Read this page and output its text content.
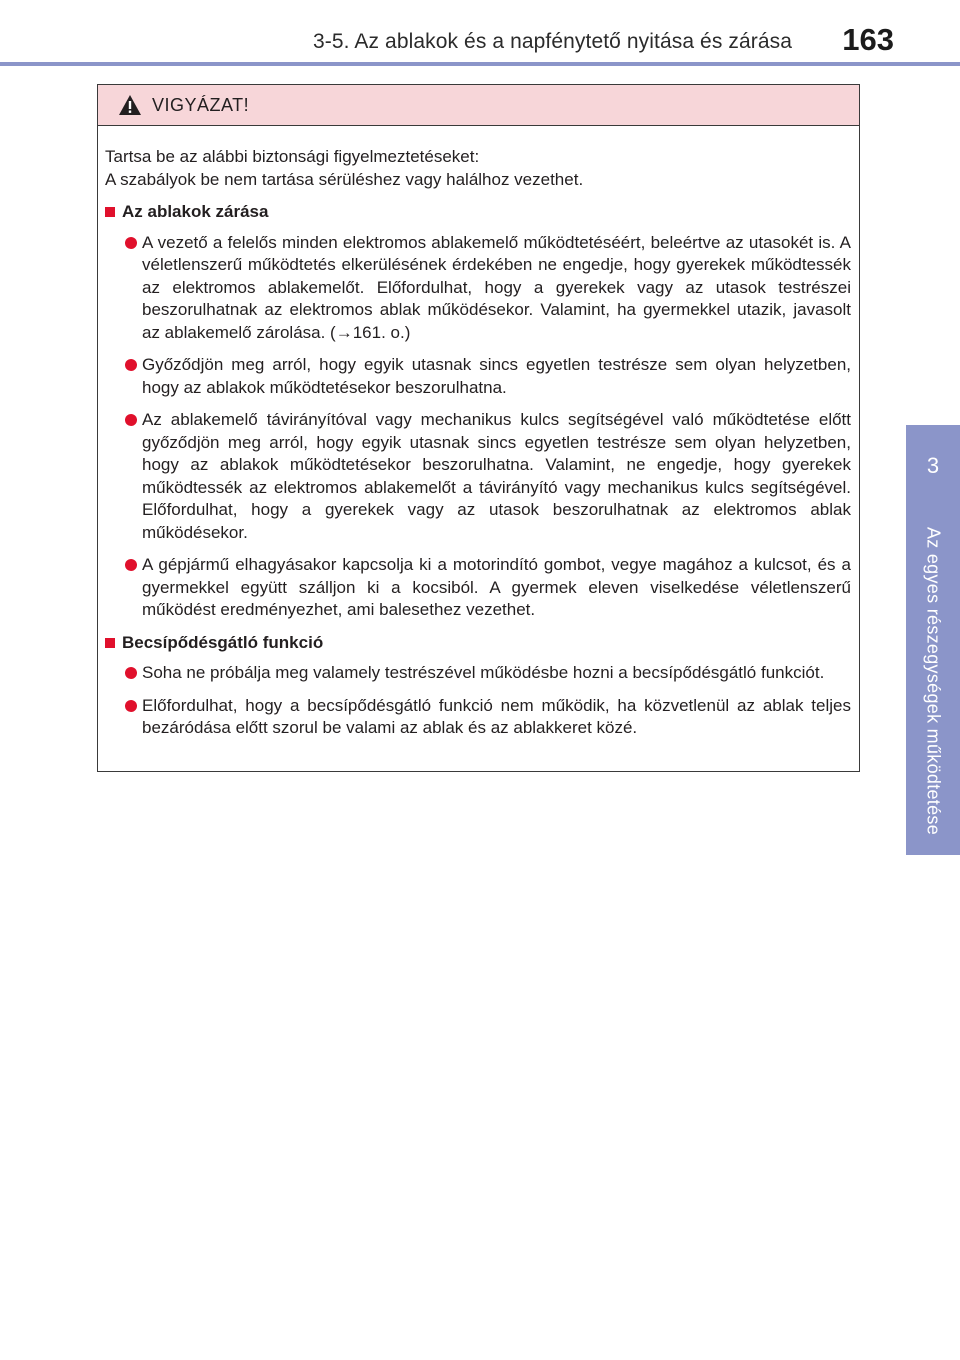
3-5. Az ablakok és a napfénytető nyitása és zárása 163
3
Az egyes részegységek működtetése
VIGYÁZAT!
Tartsa be az alábbi biztonsági figyelmeztetéseket:
A szabályok be nem tartása sérüléshez vagy halálhoz vezethet.
Az ablakok zárása
A vezető a felelős minden elektromos ablakemelő működtetéséért, beleértve az utasokét is. A véletlenszerű működtetés elkerülésének érdekében ne engedje, hogy gyerekek működtessék az elektromos ablakemelőt. Előfordulhat, hogy a gyerekek vagy az utasok testrészei beszorulhatnak az elektromos ablak működésekor. Valamint, ha gyermekkel utazik, javasolt az ablakemelő zárolása. (→161. o.)
Győződjön meg arról, hogy egyik utasnak sincs egyetlen testrésze sem olyan helyzetben, hogy az ablakok működtetésekor beszorulhatna.
Az ablakemelő távirányítóval vagy mechanikus kulcs segítségével való működtetése előtt győződjön meg arról, hogy egyik utasnak sincs egyetlen testrésze sem olyan helyzetben, hogy az ablakok működtetésekor beszorulhatna. Valamint, ne engedje, hogy gyerekek működtessék az elektromos ablakemelőt a távirányító vagy mechanikus kulcs segítségével. Előfordulhat, hogy a gyerekek vagy az utasok beszorulhatnak az elektromos ablak működésekor.
A gépjármű elhagyásakor kapcsolja ki a motorindító gombot, vegye magához a kulcsot, és a gyermekkel együtt szálljon ki a kocsiból. A gyermek eleven viselkedése véletlenszerű működést eredményezhet, ami balesethez vezethet.
Becsípődésgátló funkció
Soha ne próbálja meg valamely testrészével működésbe hozni a becsípődésgátló funkciót.
Előfordulhat, hogy a becsípődésgátló funkció nem működik, ha közvetlenül az ablak teljes bezáródása előtt szorul be valami az ablak és az ablakkeret közé.
